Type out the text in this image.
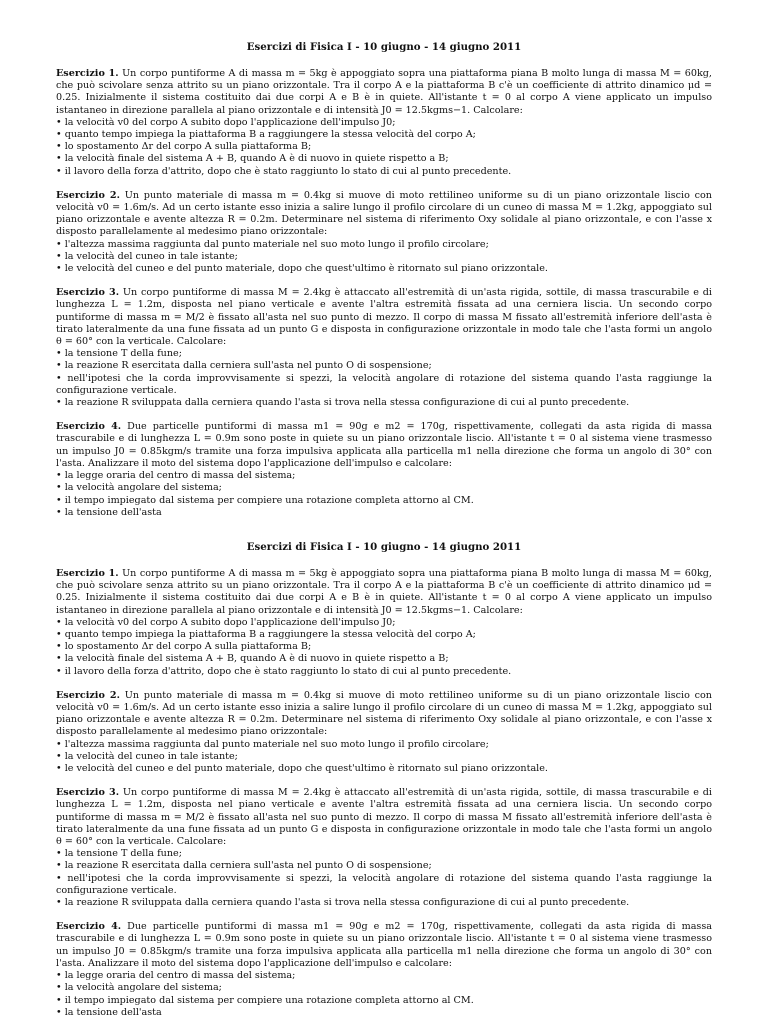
Esercizi di Fisica I - 10 giugno - 14 giugno 2011
Esercizio 1. Un corpo puntiforme A di massa m = 5kg è appoggiato sopra una piattaforma piana B molto lunga di massa M = 60kg, che può scivolare senza attrito su un piano orizzontale. Tra il corpo A e la piattaforma B c'è un coefficiente di attrito dinamico μd = 0.25. Inizialmente il sistema costituito dai due corpi A e B è in quiete. All'istante t = 0 al corpo A viene applicato un impulso istantaneo in direzione parallela al piano orizzontale e di intensità J0 = 12.5kgms−1. Calcolare:
• la velocità v0 del corpo A subito dopo l'applicazione dell'impulso J0;
• quanto tempo impiega la piattaforma B a raggiungere la stessa velocità del corpo A;
• lo spostamento Δr del corpo A sulla piattaforma B;
• la velocità finale del sistema A + B, quando A è di nuovo in quiete rispetto a B;
• il lavoro della forza d'attrito, dopo che è stato raggiunto lo stato di cui al punto precedente.
Esercizio 2. Un punto materiale di massa m = 0.4kg si muove di moto rettilineo uniforme su di un piano orizzontale liscio con velocità v0 = 1.6m/s. Ad un certo istante esso inizia a salire lungo il profilo circolare di un cuneo di massa M = 1.2kg, appoggiato sul piano orizzontale e avente altezza R = 0.2m. Determinare nel sistema di riferimento Oxy solidale al piano orizzontale, e con l'asse x disposto parallelamente al medesimo piano orizzontale:
• l'altezza massima raggiunta dal punto materiale nel suo moto lungo il profilo circolare;
• la velocità del cuneo in tale istante;
• le velocità del cuneo e del punto materiale, dopo che quest'ultimo è ritornato sul piano orizzontale.
Esercizio 3. Un corpo puntiforme di massa M = 2.4kg è attaccato all'estremità di un'asta rigida, sottile, di massa trascurabile e di lunghezza L = 1.2m, disposta nel piano verticale e avente l'altra estremità fissata ad una cerniera liscia. Un secondo corpo puntiforme di massa m = M/2 è fissato all'asta nel suo punto di mezzo. Il corpo di massa M fissato all'estremità inferiore dell'asta è tirato lateralmente da una fune fissata ad un punto G e disposta in configurazione orizzontale in modo tale che l'asta formi un angolo θ = 60° con la verticale. Calcolare:
• la tensione T della fune;
• la reazione R esercitata dalla cerniera sull'asta nel punto O di sospensione;
• nell'ipotesi che la corda improvvisamente si spezzi, la velocità angolare di rotazione del sistema quando l'asta raggiunge la configurazione verticale.
• la reazione R sviluppata dalla cerniera quando l'asta si trova nella stessa configurazione di cui al punto precedente.
Esercizio 4. Due particelle puntiformi di massa m1 = 90g e m2 = 170g, rispettivamente, collegati da asta rigida di massa trascurabile e di lunghezza L = 0.9m sono poste in quiete su un piano orizzontale liscio. All'istante t = 0 al sistema viene trasmesso un impulso J0 = 0.85kgm/s tramite una forza impulsiva applicata alla particella m1 nella direzione che forma un angolo di 30° con l'asta. Analizzare il moto del sistema dopo l'applicazione dell'impulso e calcolare:
• la legge oraria del centro di massa del sistema;
• la velocità angolare del sistema;
• il tempo impiegato dal sistema per compiere una rotazione completa attorno al CM.
• la tensione dell'asta
Esercizi di Fisica I - 10 giugno - 14 giugno 2011
Esercizio 1. Un corpo puntiforme A di massa m = 5kg è appoggiato sopra una piattaforma piana B molto lunga di massa M = 60kg, che può scivolare senza attrito su un piano orizzontale. Tra il corpo A e la piattaforma B c'è un coefficiente di attrito dinamico μd = 0.25. Inizialmente il sistema costituito dai due corpi A e B è in quiete. All'istante t = 0 al corpo A viene applicato un impulso istantaneo in direzione parallela al piano orizzontale e di intensità J0 = 12.5kgms−1. Calcolare:
• la velocità v0 del corpo A subito dopo l'applicazione dell'impulso J0;
• quanto tempo impiega la piattaforma B a raggiungere la stessa velocità del corpo A;
• lo spostamento Δr del corpo A sulla piattaforma B;
• la velocità finale del sistema A + B, quando A è di nuovo in quiete rispetto a B;
• il lavoro della forza d'attrito, dopo che è stato raggiunto lo stato di cui al punto precedente.
Esercizio 2. Un punto materiale di massa m = 0.4kg si muove di moto rettilineo uniforme su di un piano orizzontale liscio con velocità v0 = 1.6m/s. Ad un certo istante esso inizia a salire lungo il profilo circolare di un cuneo di massa M = 1.2kg, appoggiato sul piano orizzontale e avente altezza R = 0.2m. Determinare nel sistema di riferimento Oxy solidale al piano orizzontale, e con l'asse x disposto parallelamente al medesimo piano orizzontale:
• l'altezza massima raggiunta dal punto materiale nel suo moto lungo il profilo circolare;
• la velocità del cuneo in tale istante;
• le velocità del cuneo e del punto materiale, dopo che quest'ultimo è ritornato sul piano orizzontale.
Esercizio 3. Un corpo puntiforme di massa M = 2.4kg è attaccato all'estremità di un'asta rigida, sottile, di massa trascurabile e di lunghezza L = 1.2m, disposta nel piano verticale e avente l'altra estremità fissata ad una cerniera liscia. Un secondo corpo puntiforme di massa m = M/2 è fissato all'asta nel suo punto di mezzo. Il corpo di massa M fissato all'estremità inferiore dell'asta è tirato lateralmente da una fune fissata ad un punto G e disposta in configurazione orizzontale in modo tale che l'asta formi un angolo θ = 60° con la verticale. Calcolare:
• la tensione T della fune;
• la reazione R esercitata dalla cerniera sull'asta nel punto O di sospensione;
• nell'ipotesi che la corda improvvisamente si spezzi, la velocità angolare di rotazione del sistema quando l'asta raggiunge la configurazione verticale.
• la reazione R sviluppata dalla cerniera quando l'asta si trova nella stessa configurazione di cui al punto precedente.
Esercizio 4. Due particelle puntiformi di massa m1 = 90g e m2 = 170g, rispettivamente, collegati da asta rigida di massa trascurabile e di lunghezza L = 0.9m sono poste in quiete su un piano orizzontale liscio. All'istante t = 0 al sistema viene trasmesso un impulso J0 = 0.85kgm/s tramite una forza impulsiva applicata alla particella m1 nella direzione che forma un angolo di 30° con l'asta. Analizzare il moto del sistema dopo l'applicazione dell'impulso e calcolare:
• la legge oraria del centro di massa del sistema;
• la velocità angolare del sistema;
• il tempo impiegato dal sistema per compiere una rotazione completa attorno al CM.
• la tensione dell'asta
